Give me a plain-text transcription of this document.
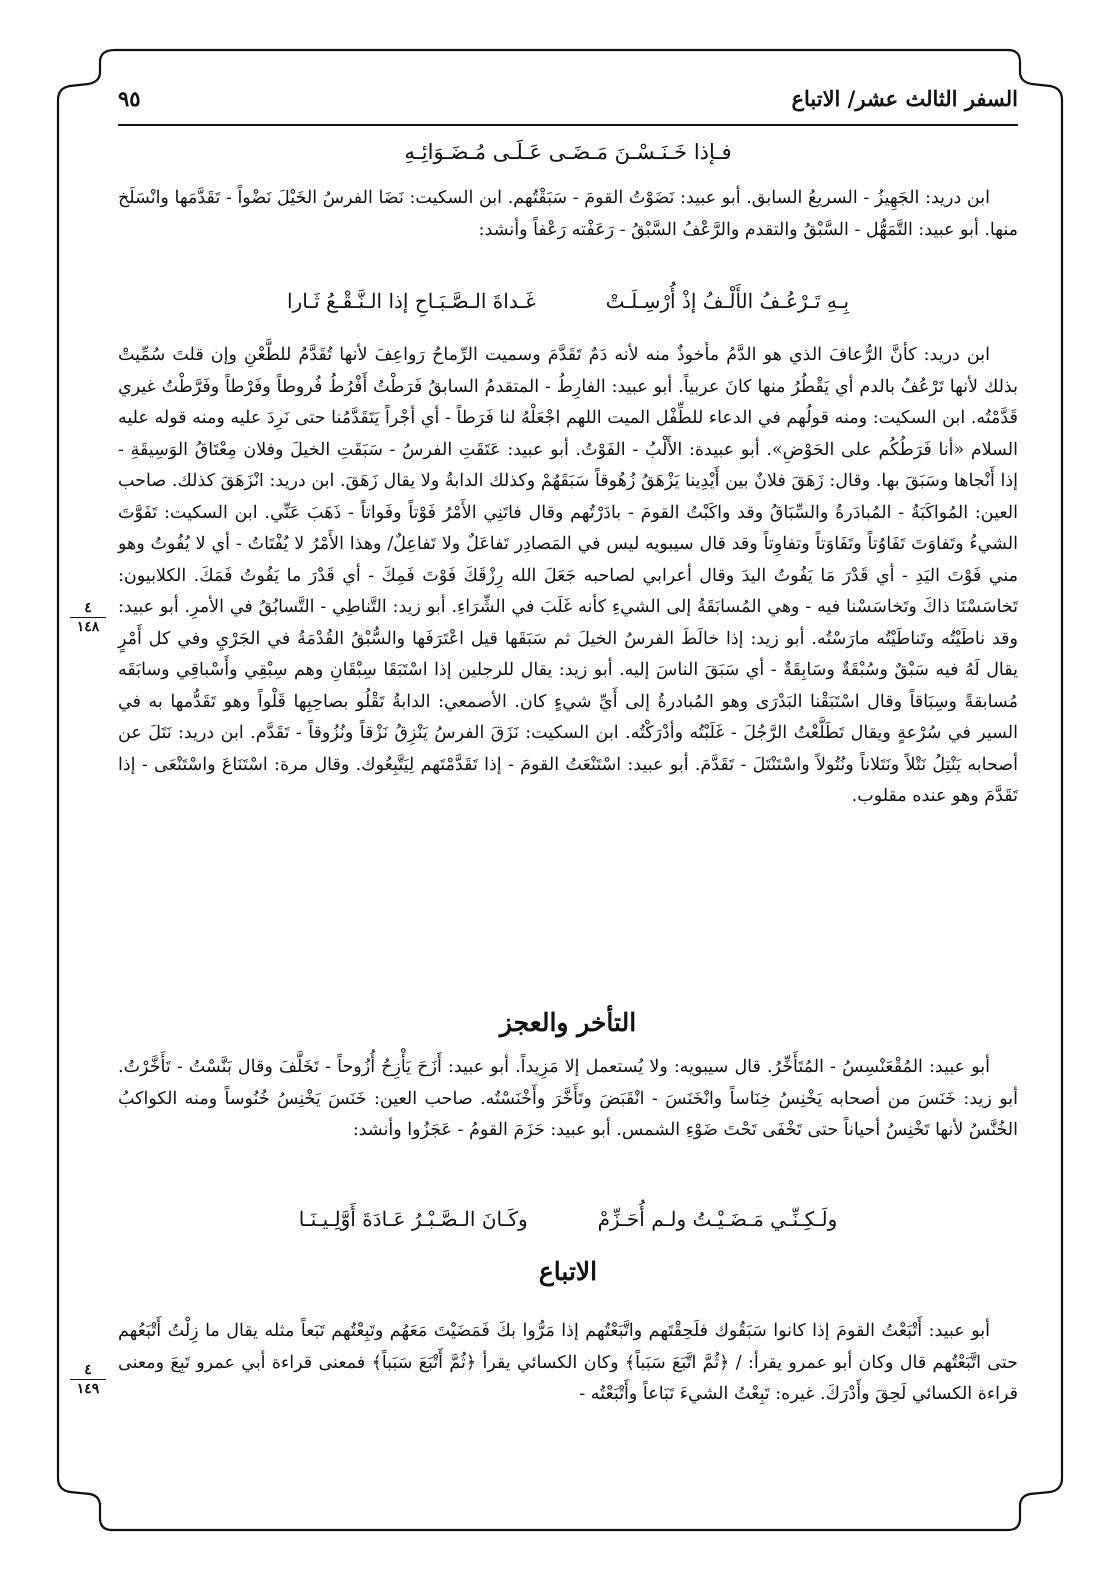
السفر الثالث عشر/ الاتباع
٩٥
فـإذا خَـنَـسْـنَ مَـضَـى عَـلَـى مُـضَـوَائِـهِ

ابن دريد: الجَهِيزُ - السريعُ السابق. أبو عبيد: نَضَوْتُ القومَ - سَبَقْتُهم. ابن السكيت: نَضَا الفرسُ الخَيْلَ نَضْواً - تَقَدَّمَها وانْسَلَخ منها. أبو عبيد: التَّمَهُّل - السَّبْقُ والتقدم والرَّعْفُ السَّبْقُ - رَعَفْته رَعْفاً وأنشد:

بِـهِ تَـرْعُـفُ الأَلْـفُ إذْ أُرْسِـلَـتْ
غَـداةَ الـصَّـبَـاحِ إذا الـنَّـقْـعُ ثَـارا

ابن دريد: كأنَّ الرُّعافَ الذي هو الدَّمُ مأخوذٌ منه لأنه دَمٌ تَقَدَّمَ وسميت الرِّماحُ رَواعِفَ لأنها تُقَدَّمُ للطَّعْنِ وإن قلتَ سُمِّيتْ بذلك لأنها تَرْعُفُ بالدم أي يَقْطُرُ منها كانَ عربياً. أبو عبيد: الفارِطُ - المتقدمُ السابقُ فَرَطْتُ أَفْرُطُ فُروطاً وفَرْطاً وفَرَّطْتُ غيري قَدَّمْتُه. ابن السكيت: ومنه قولُهم في الدعاء للطِّفْل الميت اللهم اجْعَلْهُ لنا فَرَطاً - أي أجْراً يَتَقَدَّمُنا حتى نَرِدَ عليه ومنه قوله عليه السلام «أنا فَرَطُكُم على الحَوْضِ». أبو عبيدة: الأَلْبُ - الفَوْتُ. أبو عبيد: عَتَقَتِ الفرسُ - سَبَقَتِ الخيلَ وفلان مِعْتَاقُ الوَسِيقَةِ - إذا أَنْجاها وسَبَقَ بها. وقال: زَهَقَ فلانٌ بين أَيْدِينا يَزْهَقُ زُهُوقاً سَبَقَهُمْ وكذلك الدابةُ ولا يقال زَهَقَ. ابن دريد: انْزَهَقَ كذلك. صاحب العين: المُواكَبَةُ - المُبادَرةُ والسِّبَاقُ وقد واكَبْتُ القومَ - بادَرْتُهم وقال فاتَنِي الأَمْرُ فَوْتاً وفَواتاً - ذَهَبَ عَنِّي. ابن السكيت: تَفَوَّتَ الشيءُ وتَفاوَتَ تَفَاوُتاً وتَفَاوَتاً وتفاوِتاً وقد قال سيبويه ليس في المَصادِر تَفاعَلٌ ولا تَفاعِلٌ/ وهذا الأَمْرُ لا يُفْتَاتُ - أي لا يُفُوتُ وهو مني فَوْتَ اليَدِ - أي قَدْرَ مَا يَفُوتُ اليدَ وقال أعرابي لصاحبه جَعَلَ الله رِزْقَكَ فَوْتَ فَمِكَ - أي قَدْرَ ما يَفُوتُ فَمَكَ. الكلابيون: تَخاسَسْنَا ذاكَ وتَخاسَسْنا فيه - وهي المُسابَقَةُ إلى الشيءِ كأنه غَلَبَ في الشِّرَاءِ. أبو زيد: التَّناطِي - التَّسابُقُ في الأمرِ. أبو عبيد: وقد ناطَيْتُه وتَناطَيْتُه مارَسْتُه. أبو زيد: إذا خالَطَ الفرسُ الخيلَ ثم سَبَقَها قيل اعْتَرَفَها والسُّبْقُ القُدْمَةُ في الجَرْيِ وفي كل أَمْرٍ يقال لَهُ فيه سَبْقٌ وسُبْقَةٌ وسَابِقَةٌ - أي سَبَقَ الناسَ إليه. أبو زيد: يقال للرجلين إذا اسْتَبَقَا سِبْقَانِ وهم سِبْقِي وأَسْباقِي وسابَقَه مُسابقةً وسِبَاقاً وقال اسْتَبَقْنا البَدْرَى وهو المُبادرةُ إلى أَيِّ شيءٍ كان. الأصمعي: الدابةُ تَقْلُو بصاحِبِها قَلْواً وهو تَقَدُّمها به في السير في سُرْعةٍ ويقال تَطَلَّعْتُ الرَّجُلَ - غَلَبْتُه وأدْرَكْتُه. ابن السكيت: نَزَقَ الفرسُ يَنْزِقُ نَزْقاً ونُزُوقاً - تَقَدَّم. ابن دريد: نَتَلَ عن أصحابه يَنْتِلُ نَتْلاً ونَتَلاناً ونُتُولاً واسْتَنْتَلَ - تَقَدَّمَ. أبو عبيد: اسْتَنْعَتُ القومَ - إذا تَقَدَّمْتَهم لِيَتَّبِعُوك. وقال مرة: اسْتَنَاعَ واسْتَنْعَى - إذا تَقَدَّمَ وهو عنده مقلوب.

٤
١٤٨
التأخر والعجز

أبو عبيد: المُقْعَنْسِسُ - المُتَأَخِّرُ. قال سيبويه: ولا يُستعمل إلا مَزِيداً. أبو عبيد: أَزَحَ يَأْزِحُ أُزُوحاً - تَخَلَّفَ وقال بَنَّسْتُ - تَأَخَّرْتُ. أبو زيد: خَنَسَ من أصحابه يَخْنِسُ خِنَاساً وانْخَنَسَ - انْقَبَضَ وتَأَخَّرَ وأَخْنَسْتُه. صاحب العين: خَنَسَ يَخْنِسُ خُنُوساً ومنه الكواكبُ الخُنَّسُ لأنها تَخْنِسُ أحياناً حتى تَخْفَى تَحْتَ ضَوْءِ الشمس. أبو عبيد: حَزَمَ القومُ - عَجَزُوا وأنشد:

ولَـكِـنِّـي مَـضَـيْـتُ ولـم أُحَـزِّمْ
وكَـانَ الـصَّـبْـرُ عَـادَةَ أَوَّلِـيـنَـا
الاتباع

أبو عبيد: أَتْبَعْتُ القومَ إذا كانوا سَبَقُوك فلَحِقْتَهم واتَّبَعْتُهم إذا مَرُّوا بكَ فَمَضَيْتَ مَعَهُم وتَبِعْتُهم تَبَعاً مثله يقال ما زِلْتُ أَتْبَعُهم حتى اتَّبَعْتُهم قال وكان أبو عمرو يقرأ: / ﴿ثُمَّ اتَّبَعَ سَبَباً﴾ وكان الكسائي يقرأ ﴿ثُمَّ أَتْبَعَ سَبَباً﴾ فمعنى قراءة أبي عمرو تَبِعَ ومعنى قراءة الكسائي لَحِقَ وأَدْرَكَ. غيره: تَبِعْتُ الشيءَ تَبَاعاً وأَتْبَعْتُه -

٤
١٤٩
